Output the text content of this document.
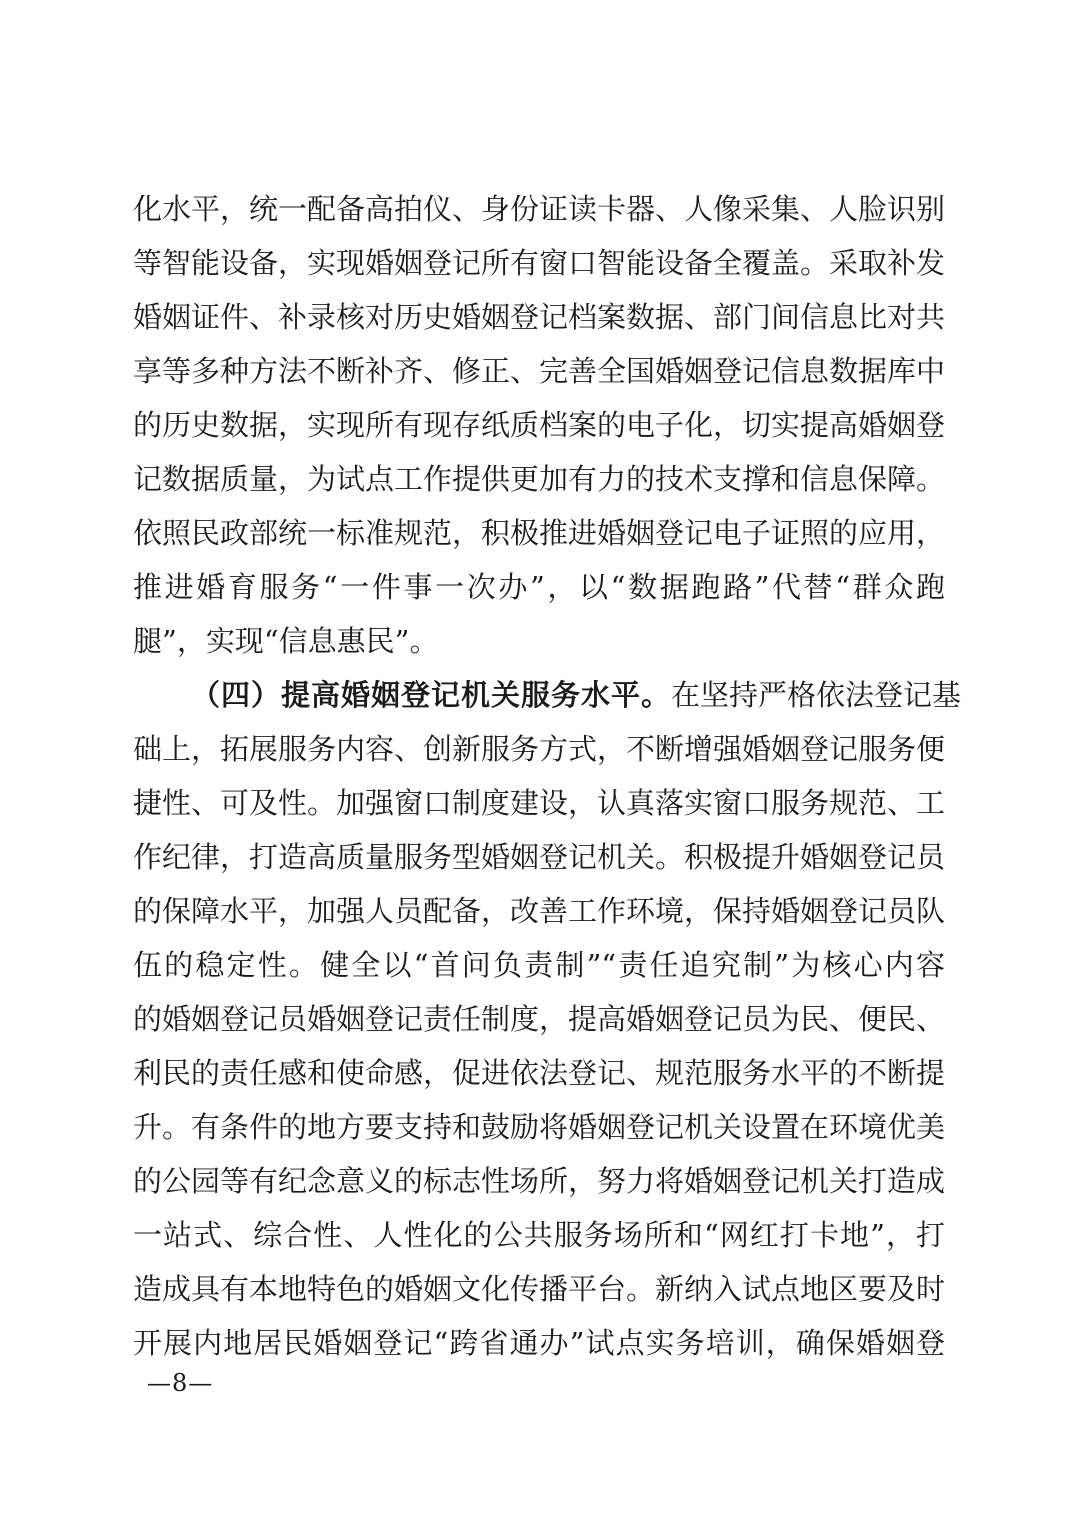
化水平，统一配备高拍仪、身份证读卡器、人像采集、人脸识别
等智能设备，实现婚姻登记所有窗口智能设备全覆盖。采取补发
婚姻证件、补录核对历史婚姻登记档案数据、部门间信息比对共
享等多种方法不断补齐、修正、完善全国婚姻登记信息数据库中
的历史数据，实现所有现存纸质档案的电子化，切实提高婚姻登
记数据质量，为试点工作提供更加有力的技术支撑和信息保障。
依照民政部统一标准规范，积极推进婚姻登记电子证照的应用，
推进婚育服务“一件事一次办”，以“数据跑路”代替“群众跑
腿”，实现“信息惠民”。
（四）提高婚姻登记机关服务水平。在坚持严格依法登记基
础上，拓展服务内容、创新服务方式，不断增强婚姻登记服务便
捷性、可及性。加强窗口制度建设，认真落实窗口服务规范、工
作纪律，打造高质量服务型婚姻登记机关。积极提升婚姻登记员
的保障水平，加强人员配备，改善工作环境，保持婚姻登记员队
伍的稳定性。健全以“首问负责制”“责任追究制”为核心内容
的婚姻登记员婚姻登记责任制度，提高婚姻登记员为民、便民、
利民的责任感和使命感，促进依法登记、规范服务水平的不断提
升。有条件的地方要支持和鼓励将婚姻登记机关设置在环境优美
的公园等有纪念意义的标志性场所，努力将婚姻登记机关打造成
一站式、综合性、人性化的公共服务场所和“网红打卡地”，打
造成具有本地特色的婚姻文化传播平台。新纳入试点地区要及时
开展内地居民婚姻登记“跨省通办”试点实务培训，确保婚姻登
—8—
